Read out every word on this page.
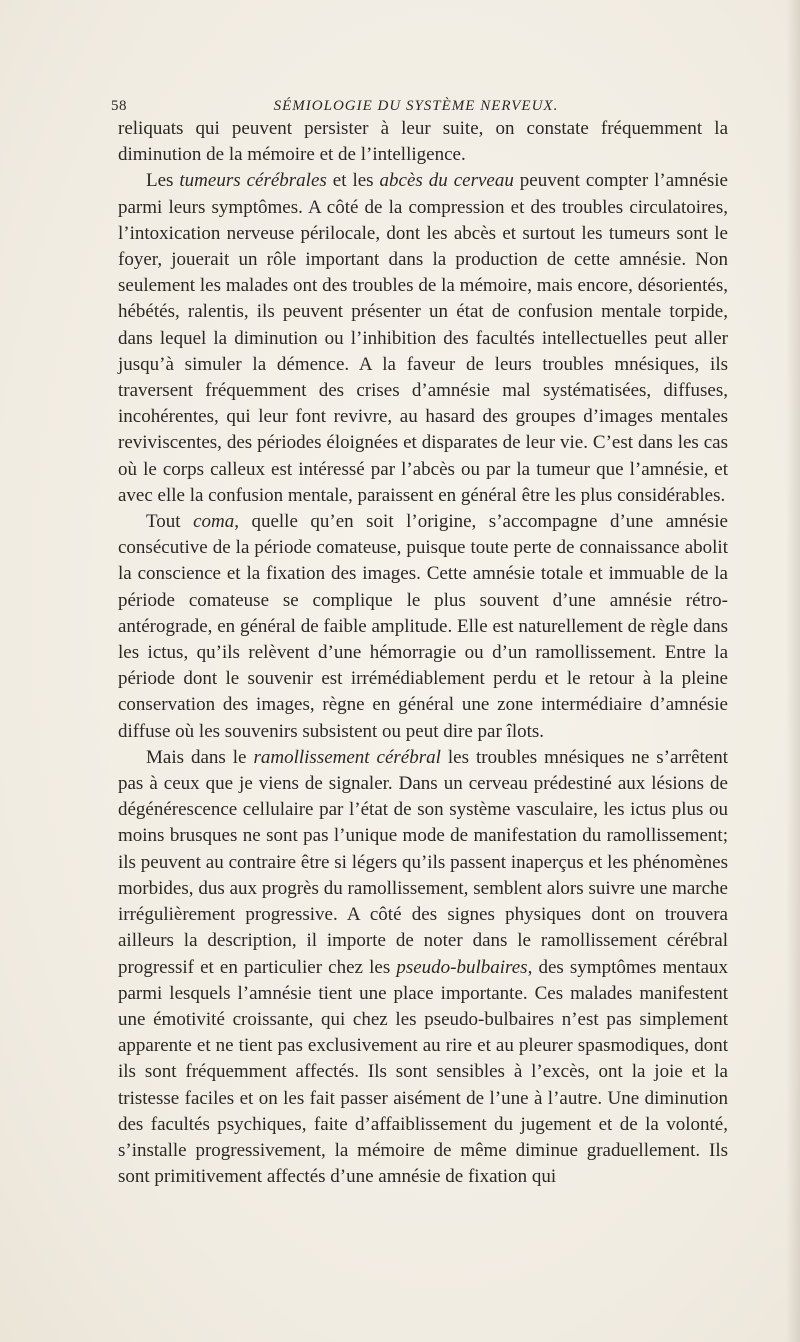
58	SÉMIOLOGIE DU SYSTÈME NERVEUX.

reliquats qui peuvent persister à leur suite, on constate fréquemment la diminution de la mémoire et de l’intelligence.

Les tumeurs cérébrales et les abcès du cerveau peuvent compter l’amnésie parmi leurs symptômes. A côté de la compression et des troubles circulatoires, l’intoxication nerveuse périlocale, dont les abcès et surtout les tumeurs sont le foyer, jouerait un rôle important dans la production de cette amnésie. Non seulement les malades ont des troubles de la mémoire, mais encore, désorientés, hébétés, ralentis, ils peuvent présenter un état de confusion mentale torpide, dans lequel la diminution ou l’inhibition des facultés intellectuelles peut aller jusqu’à simuler la démence. A la faveur de leurs troubles mnésiques, ils traversent fréquemment des crises d’amnésie mal systématisées, diffuses, incohérentes, qui leur font revivre, au hasard des groupes d’images mentales reviviscentes, des périodes éloignées et disparates de leur vie. C’est dans les cas où le corps calleux est intéressé par l’abcès ou par la tumeur que l’amnésie, et avec elle la confusion mentale, paraissent en général être les plus considérables.

Tout coma, quelle qu’en soit l’origine, s’accompagne d’une amnésie consécutive de la période comateuse, puisque toute perte de connaissance abolit la conscience et la fixation des images. Cette amnésie totale et immuable de la période comateuse se complique le plus souvent d’une amnésie rétro-antérograde, en général de faible amplitude. Elle est naturellement de règle dans les ictus, qu’ils relèvent d’une hémorragie ou d’un ramollissement. Entre la période dont le souvenir est irrémédiablement perdu et le retour à la pleine conservation des images, règne en général une zone intermédiaire d’amnésie diffuse où les souvenirs subsistent ou peut dire par îlots.

Mais dans le ramollissement cérébral les troubles mnésiques ne s’arrêtent pas à ceux que je viens de signaler. Dans un cerveau prédestiné aux lésions de dégénérescence cellulaire par l’état de son système vasculaire, les ictus plus ou moins brusques ne sont pas l’unique mode de manifestation du ramollissement; ils peuvent au contraire être si légers qu’ils passent inaperçus et les phénomènes morbides, dus aux progrès du ramollissement, semblent alors suivre une marche irrégulièrement progressive. A côté des signes physiques dont on trouvera ailleurs la description, il importe de noter dans le ramollissement cérébral progressif et en particulier chez les pseudo-bulbaires, des symptômes mentaux parmi lesquels l’amnésie tient une place importante. Ces malades manifestent une émotivité croissante, qui chez les pseudo-bulbaires n’est pas simplement apparente et ne tient pas exclusivement au rire et au pleurer spasmodiques, dont ils sont fréquemment affectés. Ils sont sensibles à l’excès, ont la joie et la tristesse faciles et on les fait passer aisément de l’une à l’autre. Une diminution des facultés psychiques, faite d’affaiblissement du jugement et de la volonté, s’installe progressivement, la mémoire de même diminue graduellement. Ils sont primitivement affectés d’une amnésie de fixation qui
